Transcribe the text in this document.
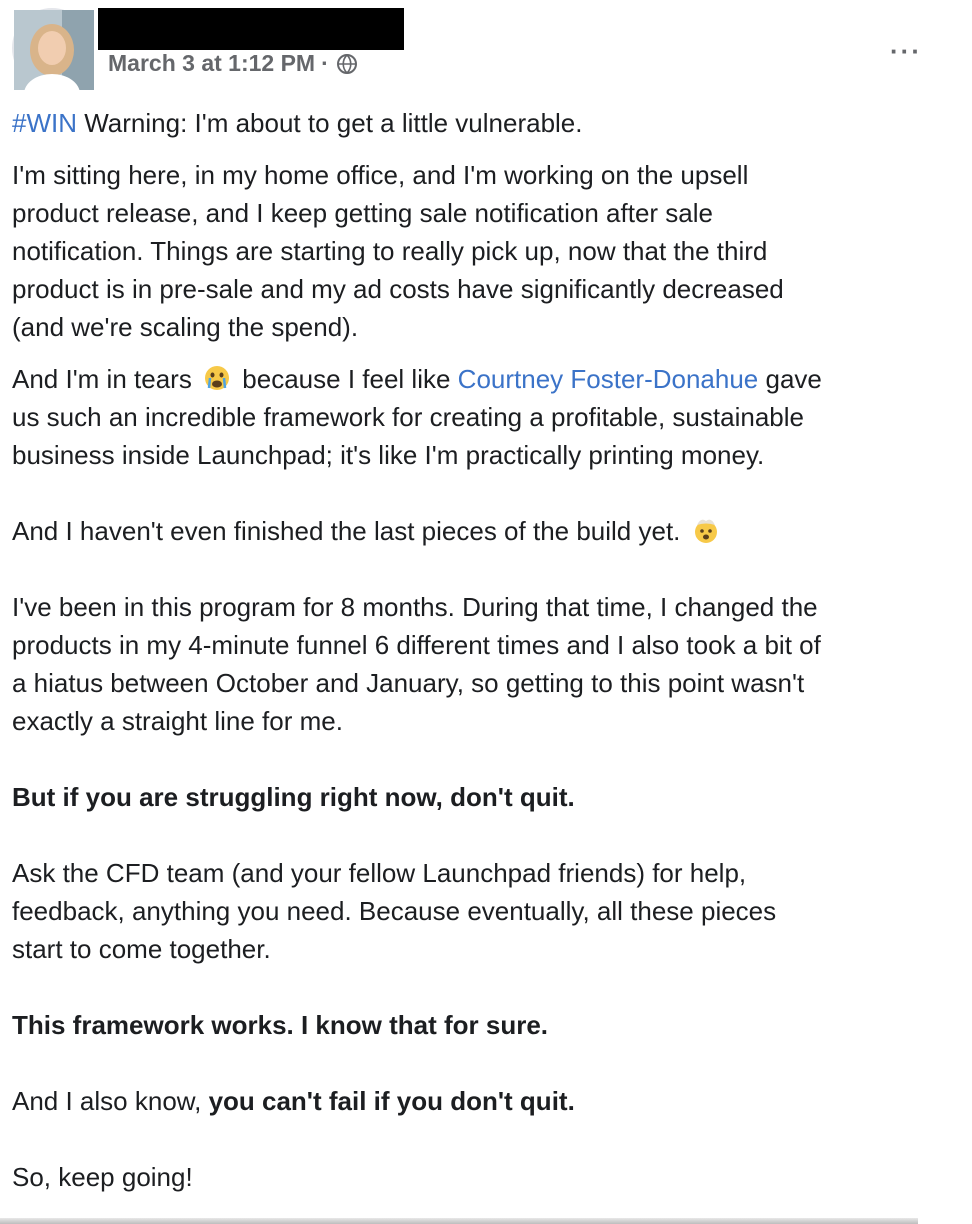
March 3 at 1:12 PM ·	···

#WIN Warning: I'm about to get a little vulnerable.

I'm sitting here, in my home office, and I'm working on the upsell
product release, and I keep getting sale notification after sale
notification. Things are starting to really pick up, now that the third
product is in pre-sale and my ad costs have significantly decreased
(and we're scaling the spend).

And I'm in tears because I feel like Courtney Foster-Donahue gave
us such an incredible framework for creating a profitable, sustainable
business inside Launchpad; it's like I'm practically printing money.

And I haven't even finished the last pieces of the build yet.

I've been in this program for 8 months. During that time, I changed the
products in my 4-minute funnel 6 different times and I also took a bit of
a hiatus between October and January, so getting to this point wasn't
exactly a straight line for me.

But if you are struggling right now, don't quit.

Ask the CFD team (and your fellow Launchpad friends) for help,
feedback, anything you need. Because eventually, all these pieces
start to come together.

This framework works. I know that for sure.

And I also know, you can't fail if you don't quit.

So, keep going!
